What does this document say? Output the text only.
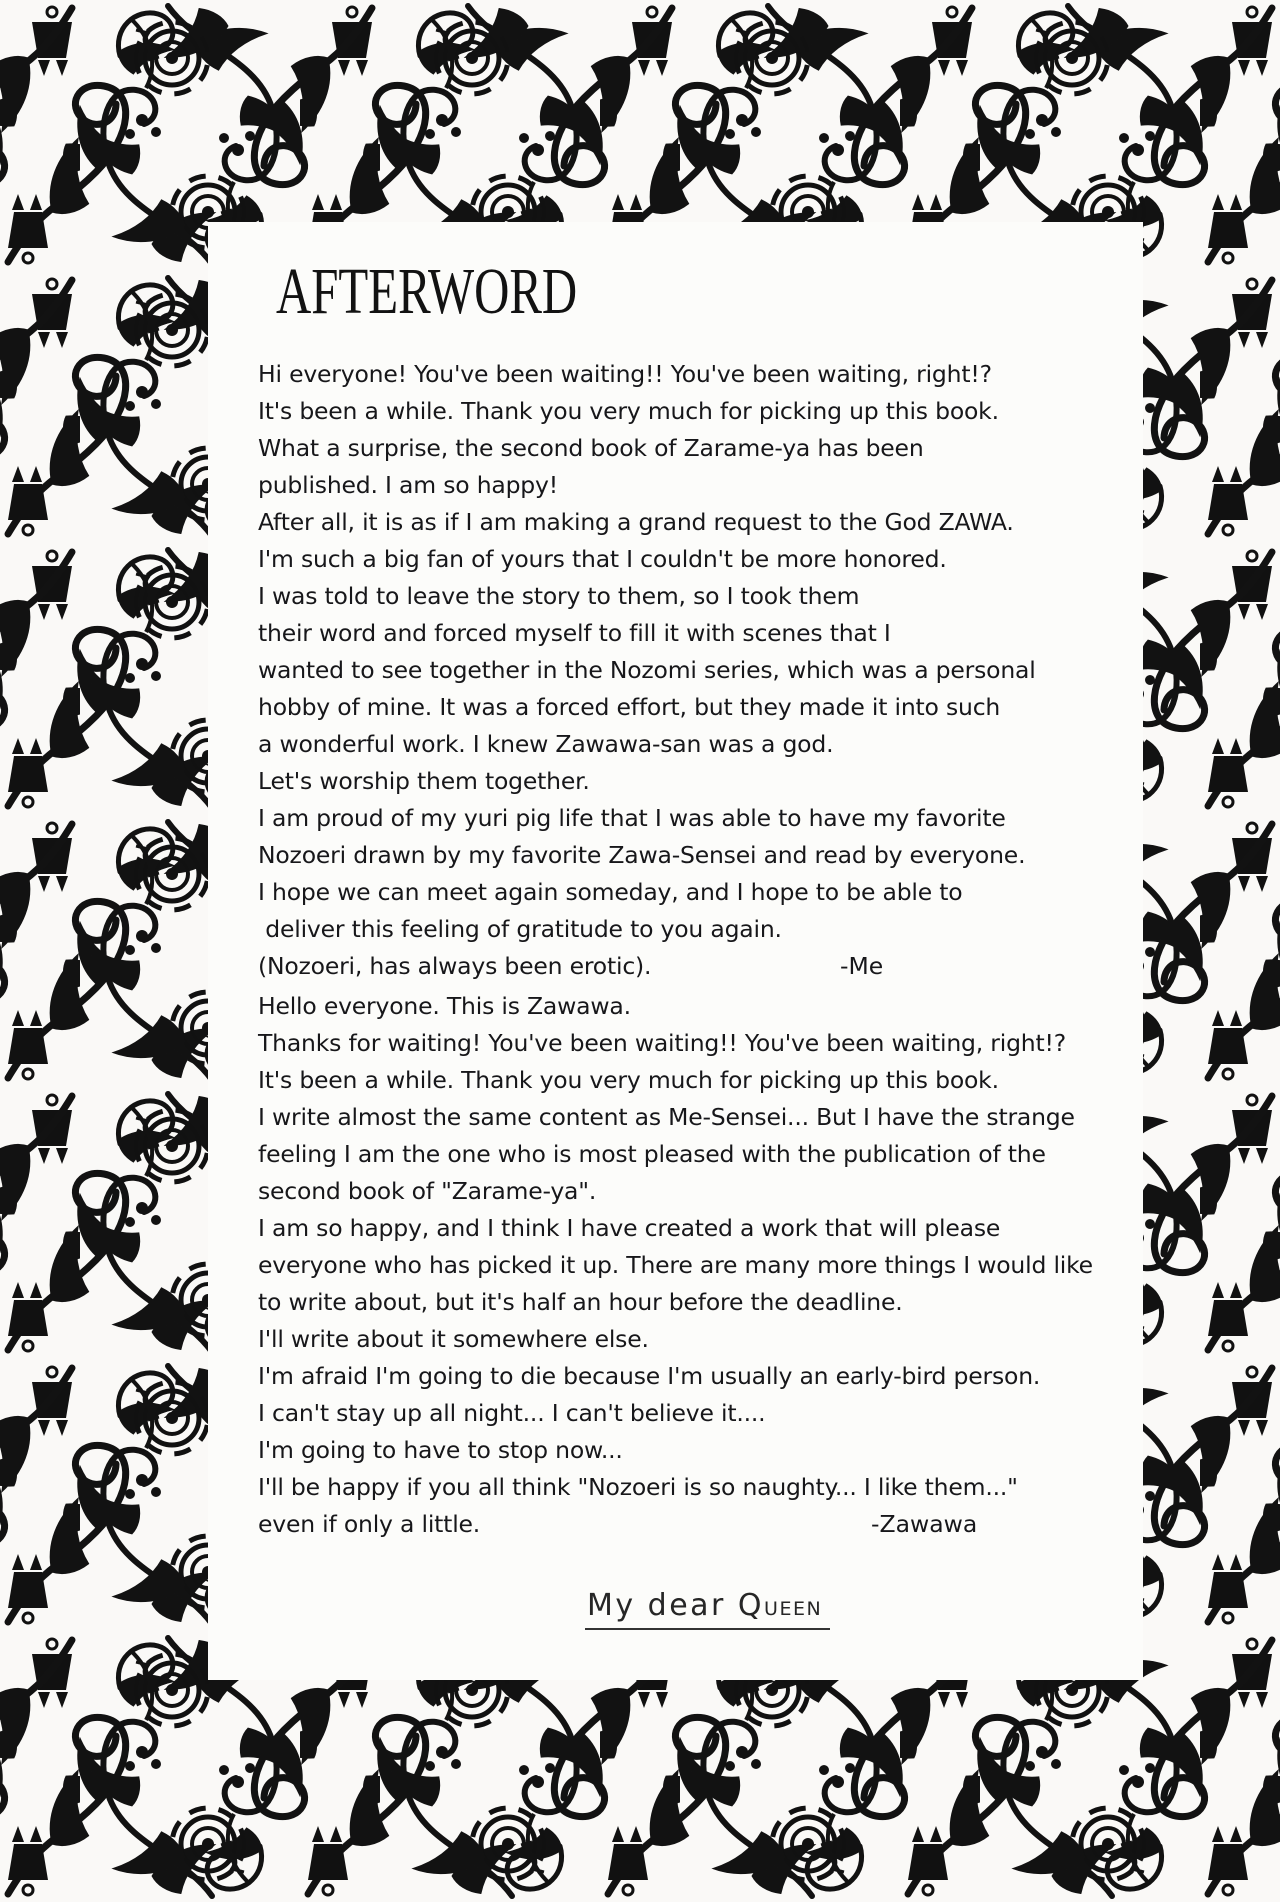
AFTERWORD
Hi everyone! You've been waiting!! You've been waiting, right!?
It's been a while. Thank you very much for picking up this book.
What a surprise, the second book of Zarame-ya has been
published. I am so happy!
After all, it is as if I am making a grand request to the God ZAWA.
I'm such a big fan of yours that I couldn't be more honored.
I was told to leave the story to them, so I took them
their word and forced myself to fill it with scenes that I
wanted to see together in the Nozomi series, which was a personal
hobby of mine. It was a forced effort, but they made it into such
a wonderful work. I knew Zawawa-san was a god.
Let's worship them together.
I am proud of my yuri pig life that I was able to have my favorite
Nozoeri drawn by my favorite Zawa-Sensei and read by everyone.
I hope we can meet again someday, and I hope to be able to
deliver this feeling of gratitude to you again.
(Nozoeri, has always been erotic).	-Me
Hello everyone. This is Zawawa.
Thanks for waiting! You've been waiting!! You've been waiting, right!?
It's been a while. Thank you very much for picking up this book.
I write almost the same content as Me-Sensei... But I have the strange
feeling I am the one who is most pleased with the publication of the
second book of "Zarame-ya".
I am so happy, and I think I have created a work that will please
everyone who has picked it up. There are many more things I would like
to write about, but it's half an hour before the deadline.
I'll write about it somewhere else.
I'm afraid I'm going to die because I'm usually an early-bird person.
I can't stay up all night... I can't believe it....
I'm going to have to stop now...
I'll be happy if you all think "Nozoeri is so naughty... I like them..."
even if only a little.	-Zawawa
My dear QUEEN
